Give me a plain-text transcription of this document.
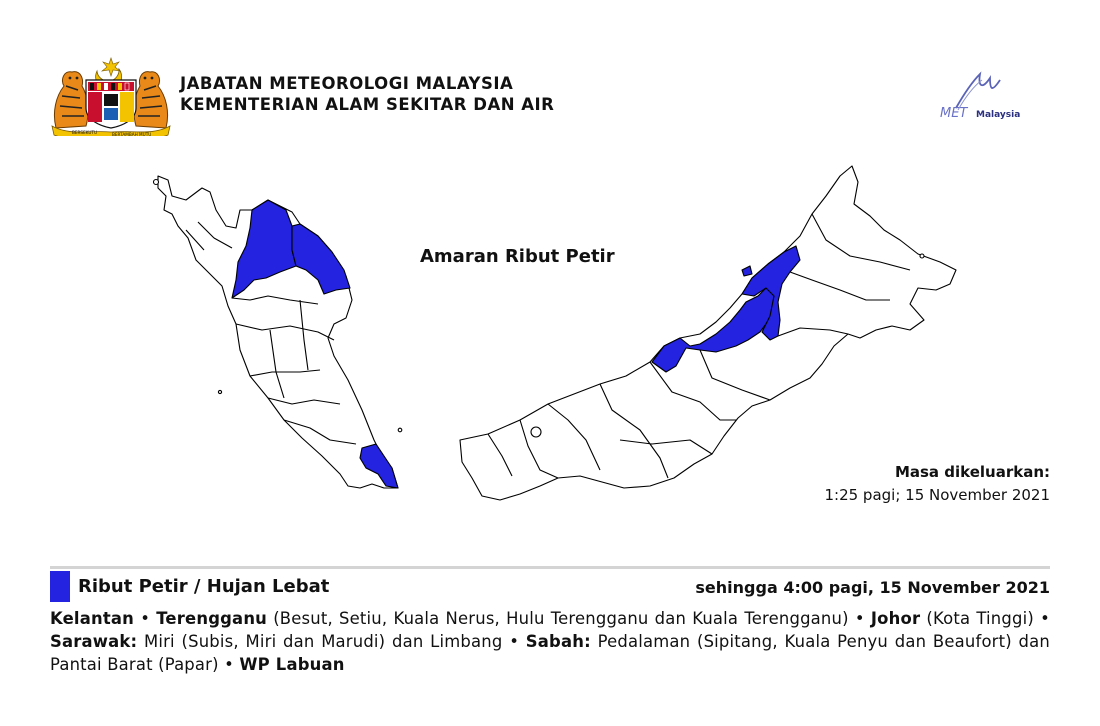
BERSEKUTU	BERTAMBAH MUTU
JABATAN METEOROLOGI MALAYSIA
KEMENTERIAN ALAM SEKITAR DAN AIR	MET Malaysia
Amaran Ribut Petir
Masa dikeluarkan:
1:25 pagi; 15 November 2021
Ribut Petir / Hujan Lebat	sehingga 4:00 pagi, 15 November 2021
Kelantan • Terengganu (Besut, Setiu, Kuala Nerus, Hulu Terengganu dan Kuala Terengganu) • Johor (Kota Tinggi) • Sarawak: Miri (Subis, Miri dan Marudi) dan Limbang • Sabah: Pedalaman (Sipitang, Kuala Penyu dan Beaufort) dan Pantai Barat (Papar) • WP Labuan
